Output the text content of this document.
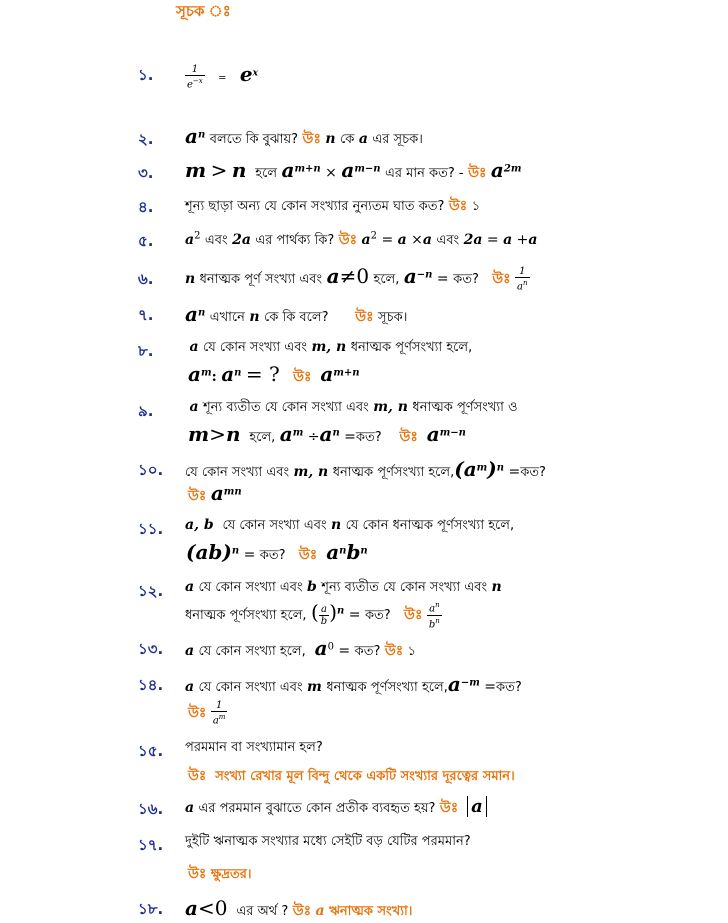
সূচক ঃ
১.	$\frac{1}{e^{-x}} = e^x$
২. $a^n$ বলতে কি বুঝায়? উঃ n কে a এর সূচক।
৩. m > n হলে $a^{m+n} \times a^{m-n}$ এর মান কত? - উঃ $a^{2m}$
৪. শূন্য ছাড়া অন্য যে কোন সংখ্যার নুন্যতম ঘাত কত? উঃ ১
৫. $a^2$ এবং 2a এর পার্থক্য কি? উঃ $a^2 = a \times a$ এবং 2a = a +a
৬. n ধনাত্মক পূর্ণ সংখ্যা এবং a≠0 হলে, $a^{-n}$ = কত? উঃ $\frac{1}{a^n}$
৭. $a^n$ এখানে n কে কি বলে? উঃ সূচক।
৮.	a যে কোন সংখ্যা এবং m, n ধনাত্মক পূর্ণসংখ্যা হলে,
$a^m$: $a^n$ = ? উঃ $a^{m+n}$
৯.	a শূন্য ব্যতীত যে কোন সংখ্যা এবং m, n ধনাত্মক পূর্ণসংখ্যা ও
m>n হলে, $a^m \div a^n$ =কত? উঃ $a^{m-n}$
১০. যে কোন সংখ্যা এবং m, n ধনাত্মক পূর্ণসংখ্যা $হলে,(a^m)^n$ =কত?
উঃ $a^{mn}$
১১. a, b যে কোন সংখ্যা এবং n যে কোন ধনাত্মক পূর্ণসংখ্যা হলে,
(ab)$^n$ = কত? উঃ $a^nb^n$
১২. a যে কোন সংখ্যা এবং b শূন্য ব্যতীত যে কোন সংখ্যা এবং n
ধনাত্মক পূর্ণসংখ্যা হলে, ( $\frac{a}{b} )^n$ = কত? উঃ $\frac{a^n}{b^n}$
১৩. a যে কোন সংখ্যা হলে, $a^0$ = কত? উঃ ১
১৪. a যে কোন সংখ্যা এবং m ধনাত্মক পূর্ণসংখ্যা $হলে,a^{-m}$ =কত?
উঃ $\frac{1}{a^m}$
১৫. পরমমান বা সংখ্যামান হল?
উঃ সংখ্যা রেখার মূল বিন্দু থেকে একটি সংখ্যার দূরত্বের সমান।
১৬. a এর পরমমান বুঝাতে কোন প্রতীক ব্যবহৃত হয়? উঃ a
১৭. দুইটি ঋনাত্মক সংখ্যার মধ্যে সেইটি বড় যেটির পরমমান?
উঃ ক্ষুদ্রতর।
১৮. a<0 এর অর্থ ? উঃ a ঋনাত্মক সংখ্যা।
